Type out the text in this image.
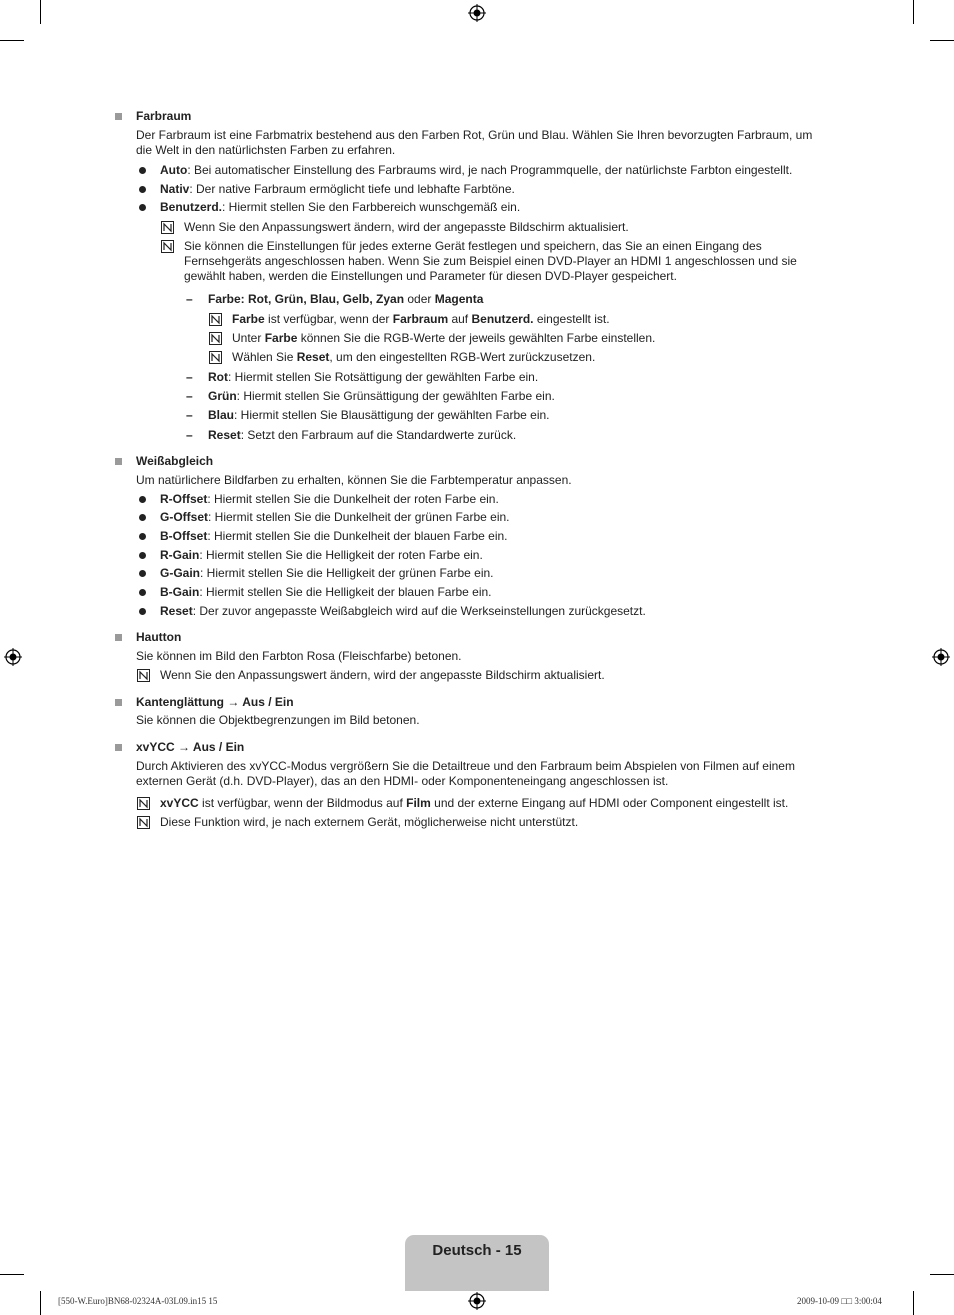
Farbraum
Der Farbraum ist eine Farbmatrix bestehend aus den Farben Rot, Grün und Blau. Wählen Sie Ihren bevorzugten Farbraum, um die Welt in den natürlichsten Farben zu erfahren.
Auto: Bei automatischer Einstellung des Farbraums wird, je nach Programmquelle, der natürlichste Farbton eingestellt.
Nativ: Der native Farbraum ermöglicht tiefe und lebhafte Farbtöne.
Benutzerd.: Hiermit stellen Sie den Farbbereich wunschgemäß ein.
Wenn Sie den Anpassungswert ändern, wird der angepasste Bildschirm aktualisiert.
Sie können die Einstellungen für jedes externe Gerät festlegen und speichern, das Sie an einen Eingang des Fernsehgeräts angeschlossen haben. Wenn Sie zum Beispiel einen DVD-Player an HDMI 1 angeschlossen und sie gewählt haben, werden die Einstellungen und Parameter für diesen DVD-Player gespeichert.
– Farbe: Rot, Grün, Blau, Gelb, Zyan oder Magenta
Farbe ist verfügbar, wenn der Farbraum auf Benutzerd. eingestellt ist.
Unter Farbe können Sie die RGB-Werte der jeweils gewählten Farbe einstellen.
Wählen Sie Reset, um den eingestellten RGB-Wert zurückzusetzen.
– Rot: Hiermit stellen Sie Rotsättigung der gewählten Farbe ein.
– Grün: Hiermit stellen Sie Grünsättigung der gewählten Farbe ein.
– Blau: Hiermit stellen Sie Blausättigung der gewählten Farbe ein.
– Reset: Setzt den Farbraum auf die Standardwerte zurück.
Weißabgleich
Um natürlichere Bildfarben zu erhalten, können Sie die Farbtemperatur anpassen.
R-Offset: Hiermit stellen Sie die Dunkelheit der roten Farbe ein.
G-Offset: Hiermit stellen Sie die Dunkelheit der grünen Farbe ein.
B-Offset: Hiermit stellen Sie die Dunkelheit der blauen Farbe ein.
R-Gain: Hiermit stellen Sie die Helligkeit der roten Farbe ein.
G-Gain: Hiermit stellen Sie die Helligkeit der grünen Farbe ein.
B-Gain: Hiermit stellen Sie die Helligkeit der blauen Farbe ein.
Reset: Der zuvor angepasste Weißabgleich wird auf die Werkseinstellungen zurückgesetzt.
Hautton
Sie können im Bild den Farbton Rosa (Fleischfarbe) betonen.
Wenn Sie den Anpassungswert ändern, wird der angepasste Bildschirm aktualisiert.
Kantenglättung → Aus / Ein
Sie können die Objektbegrenzungen im Bild betonen.
xvYCC → Aus / Ein
Durch Aktivieren des xvYCC-Modus vergrößern Sie die Detailtreue und den Farbraum beim Abspielen von Filmen auf einem externen Gerät (d.h. DVD-Player), das an den HDMI- oder Komponenteneingang angeschlossen ist.
xvYCC ist verfügbar, wenn der Bildmodus auf Film und der externe Eingang auf HDMI oder Component eingestellt ist.
Diese Funktion wird, je nach externem Gerät, möglicherweise nicht unterstützt.
Deutsch - 15
[550-W.Euro]BN68-02324A-03L09.in15 15	2009-10-09 □□ 3:00:04
